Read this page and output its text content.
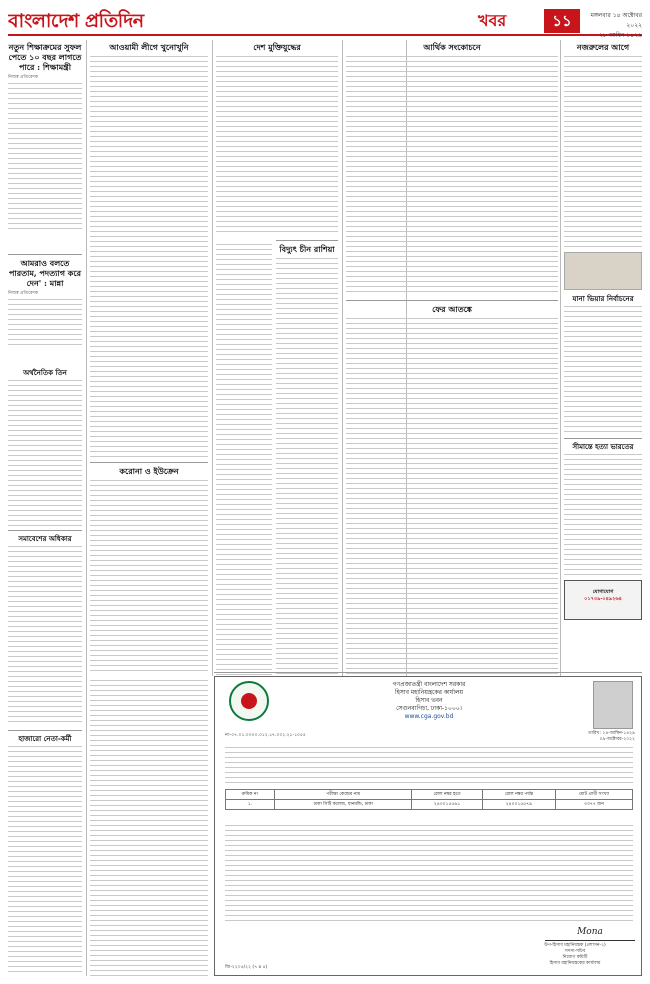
বাংলাদেশ প্রতিদিন	খবর	১১	মঙ্গলবার ১৪ অক্টোবর ২০২২
২৮ আশ্বিন ১৪২৯
নতুন শিক্ষাক্রমের সুফল পেতে ১০ বছর লাগতে পারে : শিক্ষামন্ত্রী
নিজস্ব প্রতিবেদক
আমরাও বলতে পারতাম, পদত্যাগ করে দেন' : মান্না
নিজস্ব প্রতিবেদক
অর্থনৈতিক তিন
সমাবেশের অধিকার
হাজারো নেতা-কর্মী
আওয়ামী লীগে খুনোখুনি
করোনা ও ইউক্রেন
দেশ মুক্তিযুদ্ধের
বিদ্যুৎ চীন রাশিয়া
আর্থিক সংকোচনে
ফের আতঙ্কে
নজরুলের আগে
যানা ভিয়ার নির্বাচনের
সীমান্তে হত্যা ভারতের
যোগাযোগ
০১৭৩৯-০৪৯২৬৪
গণপ্রজাতন্ত্রী বাংলাদেশ সরকার
হিসাব মহানিয়ন্ত্রকের কার্যালয়
হিসাব ভবন
সেগুনবাগিচা, ঢাকা-১০০০।
www.cga.gov.bd
নং-০৭.০১.০০০০.০১২.১৭.০০২.২১-১০৫৫	তারিখ: ২৪-আশ্বিন-১৪২৯
০৯-অক্টোবর-২০২২
ক্রমিক নং	পরীক্ষা কেন্দ্রের নাম	রোল নম্বর হতে	রোল নম্বর পর্যন্ত	মোট প্রার্থী সংখ্যা
১.	ঢাকা সিটি কলেজ, ধানমন্ডি, ঢাকা	২৪০০১৫৫৬১	২৪০০১৫৫৭৯	৩৩৭৭ জন
Mona
উপ-হিসাব মহানিয়ন্ত্রক (প্রশাসন-২)
সদস্য-সচিব
নিয়োগ কমিটি
হিসাব মহানিয়ন্ত্রকের কার্যালয়
জি-২২০৫/২২ (৭ x ৪)
